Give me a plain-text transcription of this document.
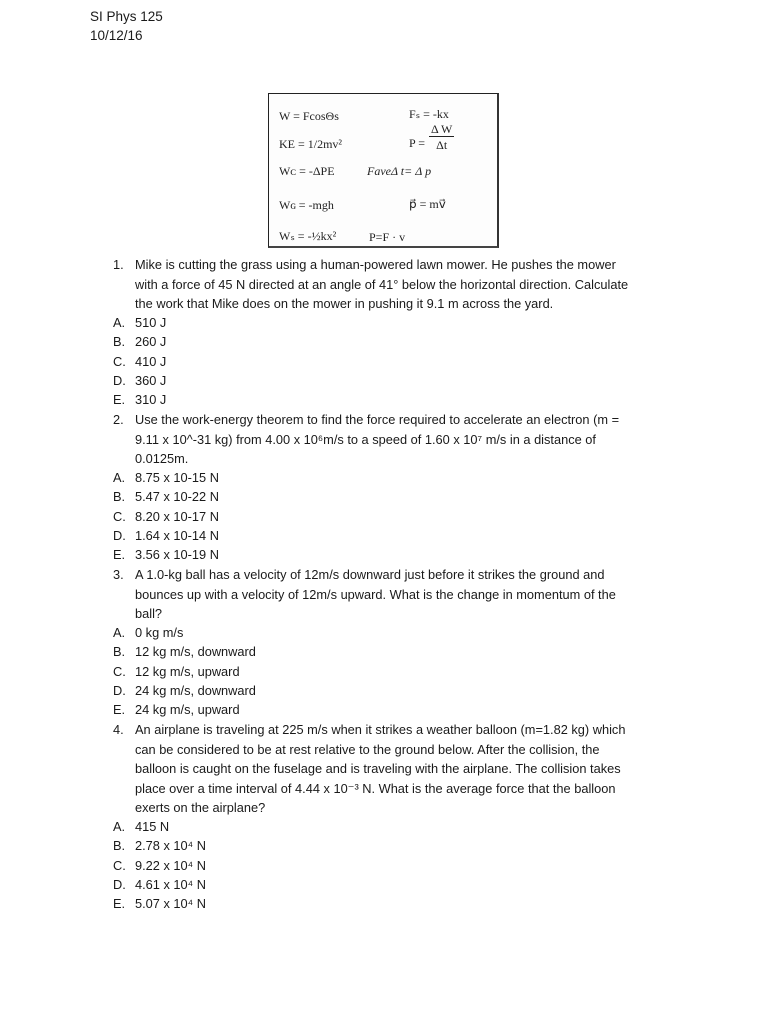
SI Phys 125
10/12/16
W = FcosΘs	Fₛ = -kx
KE = 1/2mv²	$P = \frac{\text{Δ W}}{\Delta t}$
Wᴄ = -ΔPE	FaveΔ t= Δ p⃗
Wɢ = -mgh	p⃗ = mv⃗
Wₛ = -½kx²	P=F · v
1. Mike is cutting the grass using a human-powered lawn mower. He pushes the mower
with a force of 45 N directed at an angle of 41° below the horizontal direction. Calculate
the work that Mike does on the mower in pushing it 9.1 m across the yard.
A. 510 J
B. 260 J
C. 410 J
D. 360 J
E. 310 J
2. Use the work-energy theorem to find the force required to accelerate an electron (m =
9.11 x 10^-31 kg) from 4.00 x 10⁶m/s to a speed of 1.60 x 10⁷ m/s in a distance of
0.0125m.
A. 8.75 x 10-15 N
B. 5.47 x 10-22 N
C. 8.20 x 10-17 N
D. 1.64 x 10-14 N
E. 3.56 x 10-19 N
3. A 1.0-kg ball has a velocity of 12m/s downward just before it strikes the ground and
bounces up with a velocity of 12m/s upward. What is the change in momentum of the
ball?
A. 0 kg m/s
B. 12 kg m/s, downward
C. 12 kg m/s, upward
D. 24 kg m/s, downward
E. 24 kg m/s, upward
4. An airplane is traveling at 225 m/s when it strikes a weather balloon (m=1.82 kg) which
can be considered to be at rest relative to the ground below. After the collision, the
balloon is caught on the fuselage and is traveling with the airplane. The collision takes
place over a time interval of 4.44 x 10⁻³ N. What is the average force that the balloon
exerts on the airplane?
A. 415 N
B. 2.78 x 10⁴ N
C. 9.22 x 10⁴ N
D. 4.61 x 10⁴ N
E. 5.07 x 10⁴ N
